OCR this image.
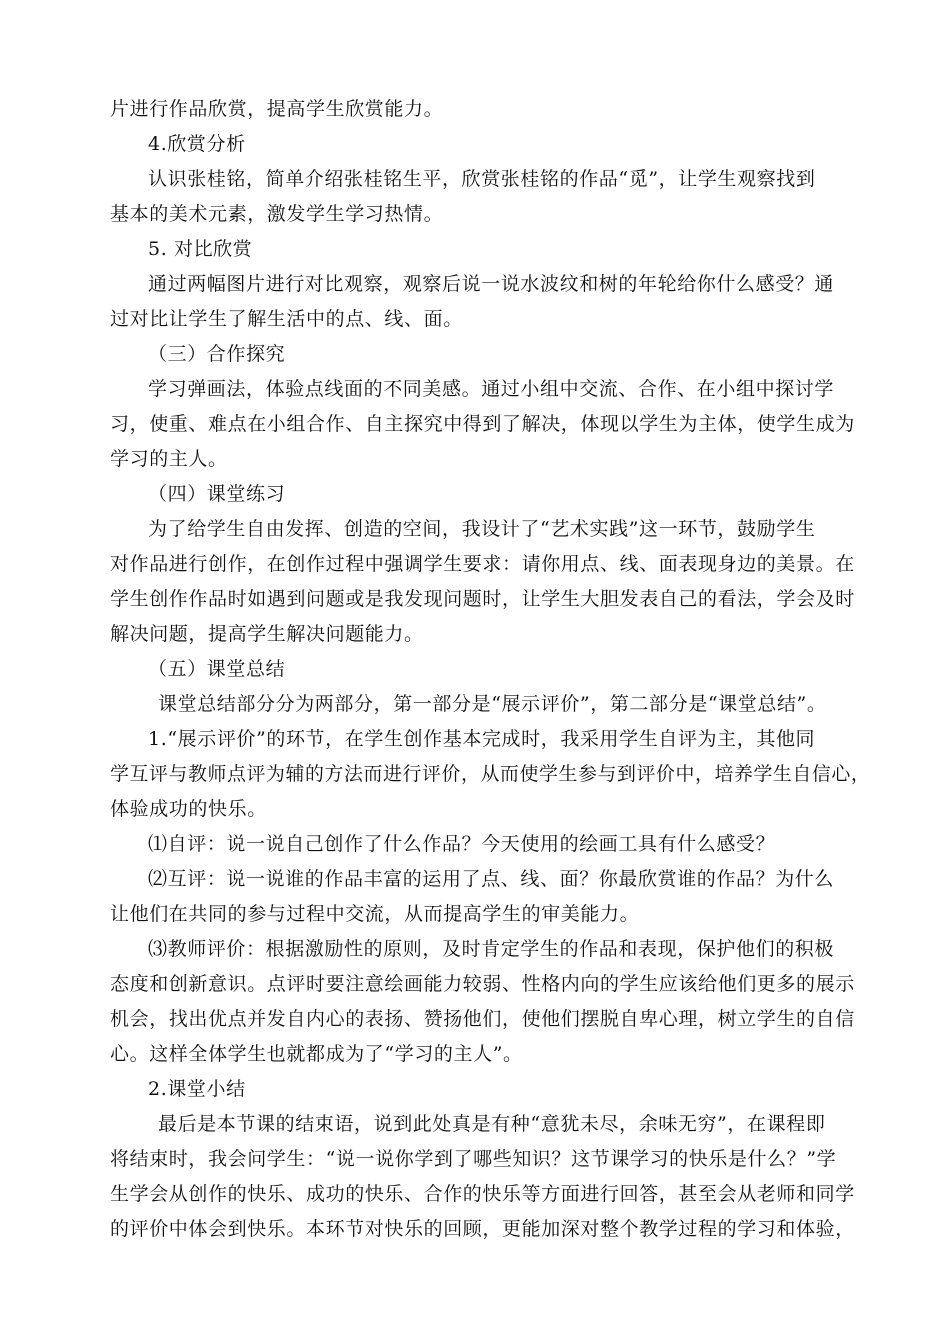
片进行作品欣赏，提高学生欣赏能力。
4.欣赏分析
认识张桂铭，简单介绍张桂铭生平，欣赏张桂铭的作品“觅”，让学生观察找到
基本的美术元素，激发学生学习热情。
5. 对比欣赏
通过两幅图片进行对比观察，观察后说一说水波纹和树的年轮给你什么感受？通
过对比让学生了解生活中的点、线、面。
（三）合作探究
学习弹画法，体验点线面的不同美感。通过小组中交流、合作、在小组中探讨学
习，使重、难点在小组合作、自主探究中得到了解决，体现以学生为主体，使学生成为
学习的主人。
（四）课堂练习
为了给学生自由发挥、创造的空间，我设计了“艺术实践”这一环节，鼓励学生
对作品进行创作，在创作过程中强调学生要求：请你用点、线、面表现身边的美景。在
学生创作作品时如遇到问题或是我发现问题时，让学生大胆发表自己的看法，学会及时
解决问题，提高学生解决问题能力。
（五）课堂总结
课堂总结部分分为两部分，第一部分是“展示评价”，第二部分是“课堂总结”。
1.“展示评价”的环节，在学生创作基本完成时，我采用学生自评为主，其他同
学互评与教师点评为辅的方法而进行评价，从而使学生参与到评价中，培养学生自信心，
体验成功的快乐。
⑴自评：说一说自己创作了什么作品？今天使用的绘画工具有什么感受？
⑵互评：说一说谁的作品丰富的运用了点、线、面？你最欣赏谁的作品？为什么
让他们在共同的参与过程中交流，从而提高学生的审美能力。
⑶教师评价：根据激励性的原则，及时肯定学生的作品和表现，保护他们的积极
态度和创新意识。点评时要注意绘画能力较弱、性格内向的学生应该给他们更多的展示
机会，找出优点并发自内心的表扬、赞扬他们，使他们摆脱自卑心理，树立学生的自信
心。这样全体学生也就都成为了“学习的主人”。
2.课堂小结
最后是本节课的结束语，说到此处真是有种“意犹未尽，余味无穷”，在课程即
将结束时，我会问学生：“说一说你学到了哪些知识？这节课学习的快乐是什么？”学
生学会从创作的快乐、成功的快乐、合作的快乐等方面进行回答，甚至会从老师和同学
的评价中体会到快乐。本环节对快乐的回顾，更能加深对整个教学过程的学习和体验，
